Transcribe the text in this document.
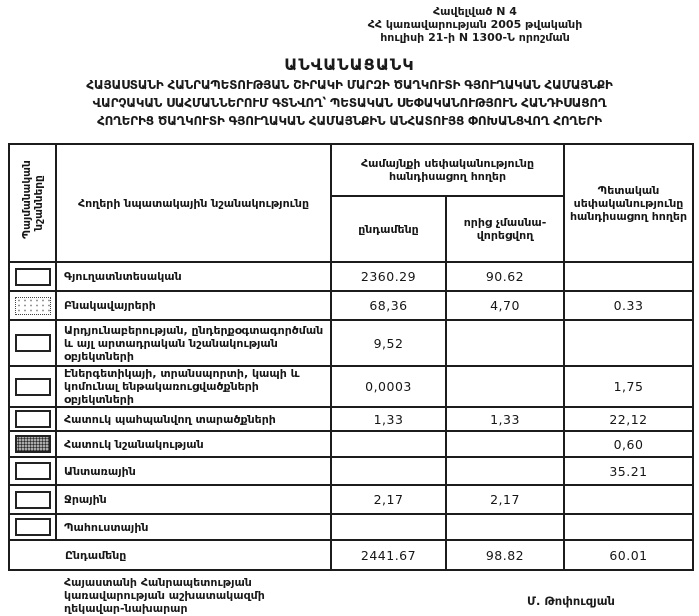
Հավելված N 4
ՀՀ կառավարության 2005 թվականի
հուլիսի 21-ի N 1300-Ն որոշման
ԱՆՎԱՆԱՑԱՆԿ
ՀԱՅԱՍՏԱՆԻ ՀԱՆՐԱՊԵՏՈՒԹՅԱՆ ՇԻՐԱԿԻ ՄԱՐԶԻ ԾԱՂԿՈՒՏԻ ԳՅՈՒՂԱԿԱՆ ՀԱՄԱՅՆՔԻ
ՎԱՐՉԱԿԱՆ ՍԱՀՄԱՆՆԵՐՈՒՄ ԳՏՆՎՈՂ՝ ՊԵՏԱԿԱՆ ՍԵՓԱԿԱՆՈՒԹՅՈՒՆ ՀԱՆԴԻՍԱՑՈՂ
ՀՈՂԵՐԻՑ ԾԱՂԿՈՒՏԻ ԳՅՈՒՂԱԿԱՆ ՀԱՄԱՅՆՔԻՆ ԱՆՀԱՏՈՒՅՑ ՓՈԽԱՆՑՎՈՂ ՀՈՂԵՐԻ
Պայմանական նշանները	Հողերի նպատակային նշանակությունը	Համայնքի սեփականությունը հանդիսացող հողեր		Պետական սեփականությունը հանդիսացող հողեր
		ընդամենը	որից չմասնա-վորեցվող	
	Գյուղատնտեսական	2360.29	90.62	
	Բնակավայրերի	68,36	4,70	0.33
	Արդյունաբերության, ընդերքօգտագործման և այլ արտադրական նշանակության օբյեկտների	9,52		
	Էներգետիկայի, տրանսպորտի, կապի և կոմունալ ենթակառուցվածքների օբյեկտների	0,0003		1,75
	Հատուկ պահպանվող տարածքների	1,33	1,33	22,12
	Հատուկ նշանակության			0,60
	Անտառային			35.21
	Ջրային	2,17	2,17	
	Պահուստային			
Ընդամենը		2441.67	98.82	60.01
Հայաստանի Հանրապետության
կառավարության աշխատակազմի
ղեկավար-նախարար
Մ. Թոփուզյան
